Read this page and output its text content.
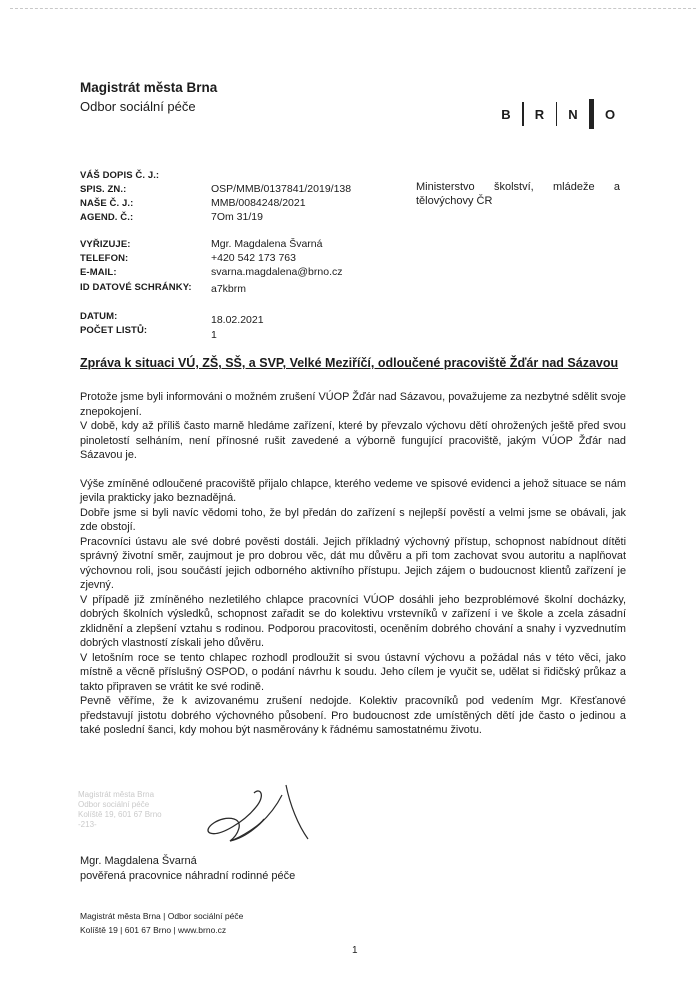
Magistrát města Brna
Odbor sociální péče	B	R	N	O
VÁŠ DOPIS Č. J.:
SPIS. ZN.:	OSP/MMB/0137841/2019/138
NAŠE Č. J.:	MMB/0084248/2021
AGEND. Č.:	7Om 31/19
VYŘIZUJE:	Mgr. Magdalena Švarná
TELEFON:	+420 542 173 763
E-MAIL:	svarna.magdalena@brno.cz
ID DATOVÉ SCHRÁNKY: a7kbrm
DATUM:	18.02.2021
POČET LISTŮ:	1
Ministerstvo školství, mládeže a
tělovýchovy ČR
Zpráva k situaci VÚ, ZŠ, SŠ, a SVP, Velké Meziříčí, odloučené pracoviště Žďár nad Sázavou

Protože jsme byli informováni o možném zrušení VÚOP Žďár nad Sázavou, považujeme za nezbytné sdělit svoje znepokojení.

V době, kdy až příliš často marně hledáme zařízení, které by převzalo výchovu dětí ohrožených ještě před svou pinoletostí selháním, není přínosné rušit zavedené a výborně fungující pracoviště, jakým VÚOP Žďár nad Sázavou je.

Výše zmíněné odloučené pracoviště přijalo chlapce, kterého vedeme ve spisové evidenci a jehož situace se nám jevila prakticky jako beznadějná.

Dobře jsme si byli navíc vědomi toho, že byl předán do zařízení s nejlepší pověstí a velmi jsme se obávali, jak zde obstojí.

Pracovníci ústavu ale své dobré pověsti dostáli. Jejich příkladný výchovný přístup, schopnost nabídnout dítěti správný životní směr, zaujmout je pro dobrou věc, dát mu důvěru a při tom zachovat svou autoritu a naplňovat výchovnou roli, jsou součástí jejich odborného aktivního přístupu. Jejich zájem o budoucnost klientů zařízení je zjevný.

V případě již zmíněného nezletilého chlapce pracovníci VÚOP dosáhli jeho bezproblémové školní docházky, dobrých školních výsledků, schopnost zařadit se do kolektivu vrstevníků v zařízení i ve škole a zcela zásadní zklidnění a zlepšení vztahu s rodinou. Podporou pracovitosti, oceněním dobrého chování a snahy i vyzvednutím dobrých vlastností získali jeho důvěru.

V letošním roce se tento chlapec rozhodl prodloužit si svou ústavní výchovu a požádal nás v této věci, jako místně a věcně příslušný OSPOD, o podání návrhu k soudu. Jeho cílem je vyučit se, udělat si řidičský průkaz a takto připraven se vrátit ke své rodině.

Pevně věříme, že k avizovanému zrušení nedojde. Kolektiv pracovníků pod vedením Mgr. Křesťanové představují jistotu dobrého výchovného působení. Pro budoucnost zde umístěných dětí jde často o jedinou a také poslední šanci, kdy mohou být nasměrovány k řádnému samostatnému životu.

Magistrát města Brna
Odbor sociální péče
Kolíště 19, 601 67 Brno
-213-
Mgr. Magdalena Švarná
pověřená pracovnice náhradní rodinné péče
Magistrát města Brna | Odbor sociální péče
Kolíště 19 | 601 67 Brno | www.brno.cz
1
